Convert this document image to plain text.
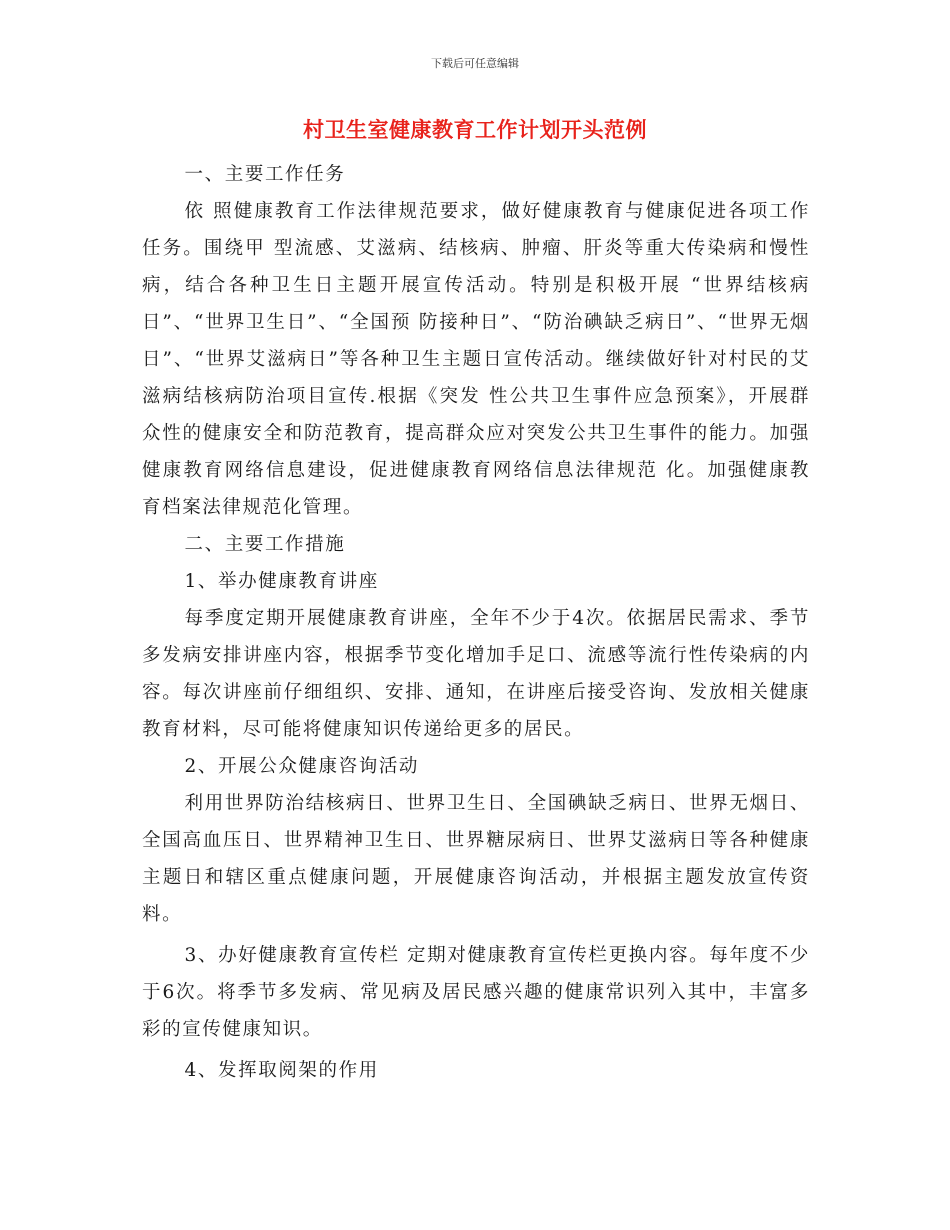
下载后可任意编辑
村卫生室健康教育工作计划开头范例

一、主要工作任务

依 照健康教育工作法律规范要求，做好健康教育与健康促进各项工作任务。围绕甲 型流感、艾滋病、结核病、肿瘤、肝炎等重大传染病和慢性病，结合各种卫生日主题开展宣传活动。特别是积极开展 “世界结核病日”、“世界卫生日”、“全国预 防接种日”、“防治碘缺乏病日”、“世界无烟日”、“世界艾滋病日”等各种卫生主题日宣传活动。继续做好针对村民的艾滋病结核病防治项目宣传.根据《突发 性公共卫生事件应急预案》，开展群众性的健康安全和防范教育，提高群众应对突发公共卫生事件的能力。加强健康教育网络信息建设，促进健康教育网络信息法律规范 化。加强健康教育档案法律规范化管理。

二、主要工作措施

1、举办健康教育讲座

每季度定期开展健康教育讲座，全年不少于4次。依据居民需求、季节多发病安排讲座内容，根据季节变化增加手足口、流感等流行性传染病的内容。每次讲座前仔细组织、安排、通知，在讲座后接受咨询、发放相关健康教育材料，尽可能将健康知识传递给更多的居民。

2、开展公众健康咨询活动

利用世界防治结核病日、世界卫生日、全国碘缺乏病日、世界无烟日、全国高血压日、世界精神卫生日、世界糖尿病日、世界艾滋病日等各种健康主题日和辖区重点健康问题，开展健康咨询活动，并根据主题发放宣传资料。

3、办好健康教育宣传栏 定期对健康教育宣传栏更换内容。每年度不少于6次。将季节多发病、常见病及居民感兴趣的健康常识列入其中，丰富多彩的宣传健康知识。

4、发挥取阅架的作用
